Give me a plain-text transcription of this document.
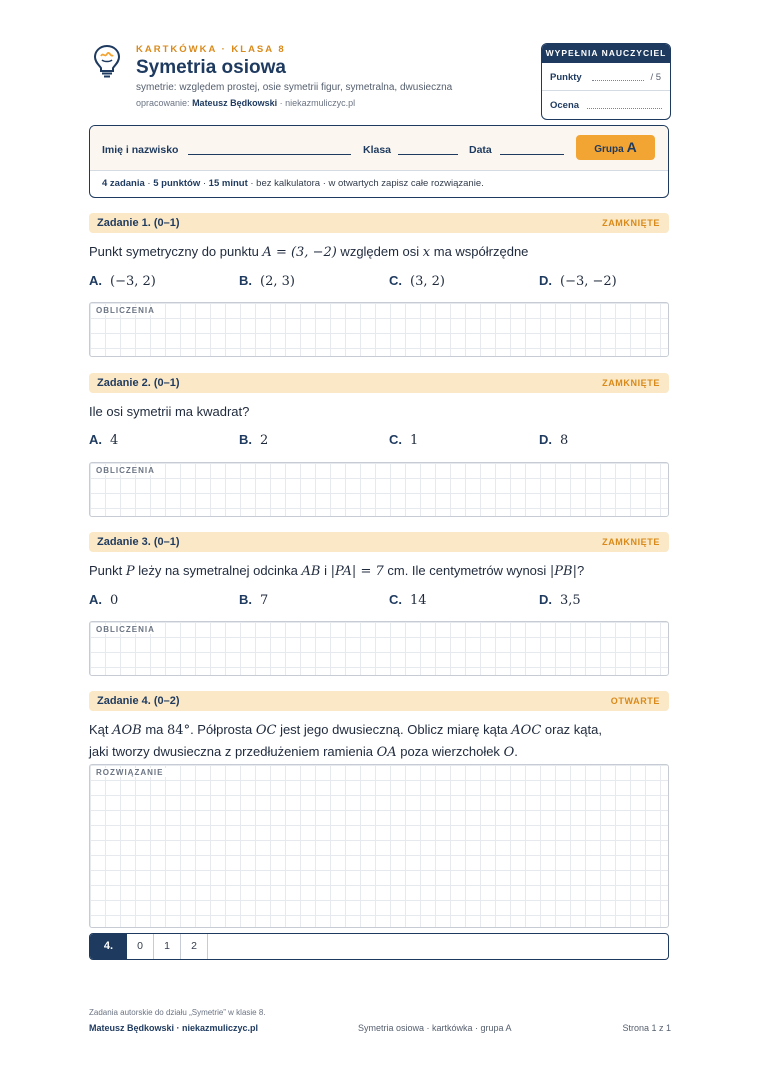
KARTKÓWKA · KLASA 8
Symetria osiowa
symetrie: względem prostej, osie symetrii figur, symetralna, dwusieczna
opracowanie: Mateusz Będkowski · niekazmuliczyc.pl
WYPEŁNIA NAUCZYCIEL
Punkty	/ 5
Ocena
Imię i nazwisko	Klasa	Data	Grupa A
4 zadania · 5 punktów · 15 minut · bez kalkulatora · w otwartych zapisz całe rozwiązanie.
Zadanie 1. (0–1)	ZAMKNIĘTE
Punkt symetryczny do punktu A = (3, −2) względem osi x ma współrzędne
A. (−3, 2)	B. (2, 3)	C. (3, 2)	D. (−3, −2)
OBLICZENIA
Zadanie 2. (0–1)	ZAMKNIĘTE
Ile osi symetrii ma kwadrat?
A. 4	B. 2	C. 1	D. 8
OBLICZENIA
Zadanie 3. (0–1)	ZAMKNIĘTE
Punkt P leży na symetralnej odcinka AB i |PA| = 7 cm. Ile centymetrów wynosi |PB|?
A. 0	B. 7	C. 14	D. 3,5
OBLICZENIA
Zadanie 4. (0–2)	OTWARTE
Kąt AOB ma 84°. Półprosta OC jest jego dwusieczną. Oblicz miarę kąta AOC oraz kąta,
jaki tworzy dwusieczna z przedłużeniem ramienia OA poza wierzchołek O.
ROZWIĄZANIE
4.	0	1	2
Zadania autorskie do działu „Symetrie” w klasie 8.
Mateusz Będkowski · niekazmuliczyc.pl	Symetria osiowa · kartkówka · grupa A	Strona 1 z 1
